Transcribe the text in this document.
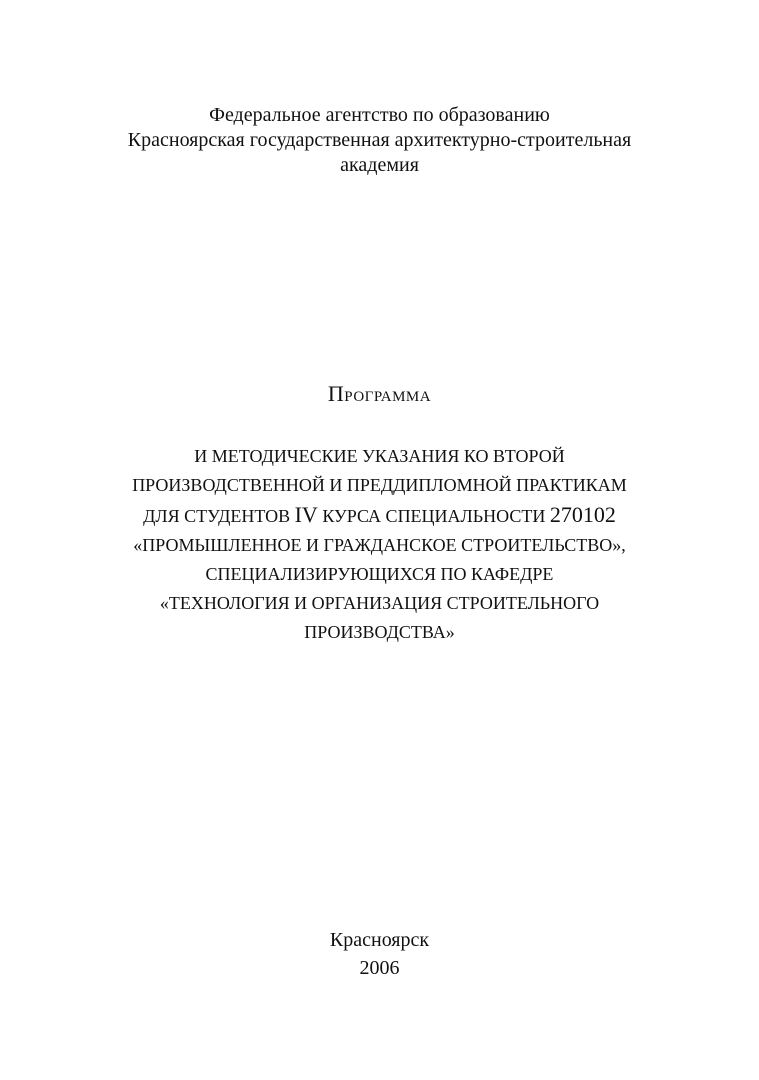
Федеральное агентство по образованию
Красноярская государственная архитектурно-строительная
академия
Программа
И МЕТОДИЧЕСКИЕ УКАЗАНИЯ КО ВТОРОЙ
ПРОИЗВОДСТВЕННОЙ И ПРЕДДИПЛОМНОЙ ПРАКТИКАМ
ДЛЯ СТУДЕНТОВ IV КУРСА СПЕЦИАЛЬНОСТИ 270102
«ПРОМЫШЛЕННОЕ И ГРАЖДАНСКОЕ СТРОИТЕЛЬСТВО»,
СПЕЦИАЛИЗИРУЮЩИХСЯ ПО КАФЕДРЕ
«ТЕХНОЛОГИЯ И ОРГАНИЗАЦИЯ СТРОИТЕЛЬНОГО
ПРОИЗВОДСТВА»
Красноярск
2006
